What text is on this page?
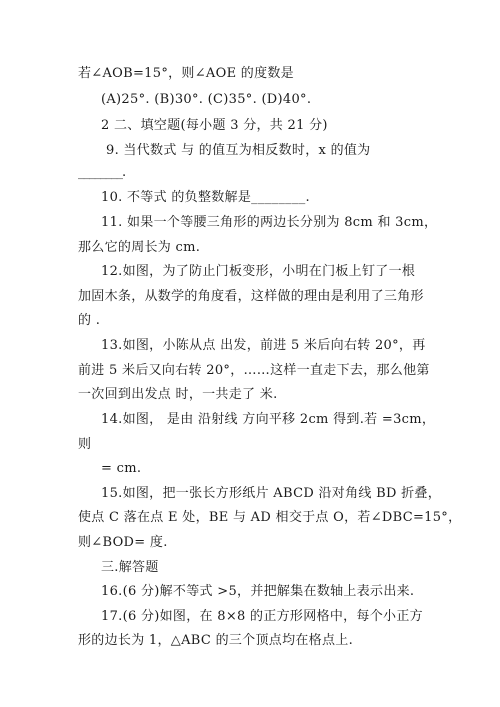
若∠AOB=15°，则∠AOE 的度数是
(A)25°. (B)30°. (C)35°. (D)40°.
2 二、填空题(每小题 3 分，共 21 分)
9. 当代数式 与 的值互为相反数时，x 的值为
________.
10. 不等式 的负整数解是________.
11. 如果一个等腰三角形的两边长分别为 8cm 和 3cm，
那么它的周长为 cm.
12.如图，为了防止门板变形，小明在门板上钉了一根
加固木条，从数学的角度看，这样做的理由是利用了三角形
的 .
13.如图，小陈从点 出发，前进 5 米后向右转 20°，再
前进 5 米后又向右转 20°，……这样一直走下去，那么他第
一次回到出发点 时，一共走了 米.
14.如图， 是由 沿射线 方向平移 2cm 得到.若 =3cm，
则
= cm.
15.如图，把一张长方形纸片 ABCD 沿对角线 BD 折叠，
使点 C 落在点 E 处，BE 与 AD 相交于点 O，若∠DBC=15°，
则∠BOD= 度.
三.解答题
16.(6 分)解不等式 >5，并把解集在数轴上表示出来.
17.(6 分)如图，在 8×8 的正方形网格中，每个小正方
形的边长为 1，△ABC 的三个顶点均在格点上.
